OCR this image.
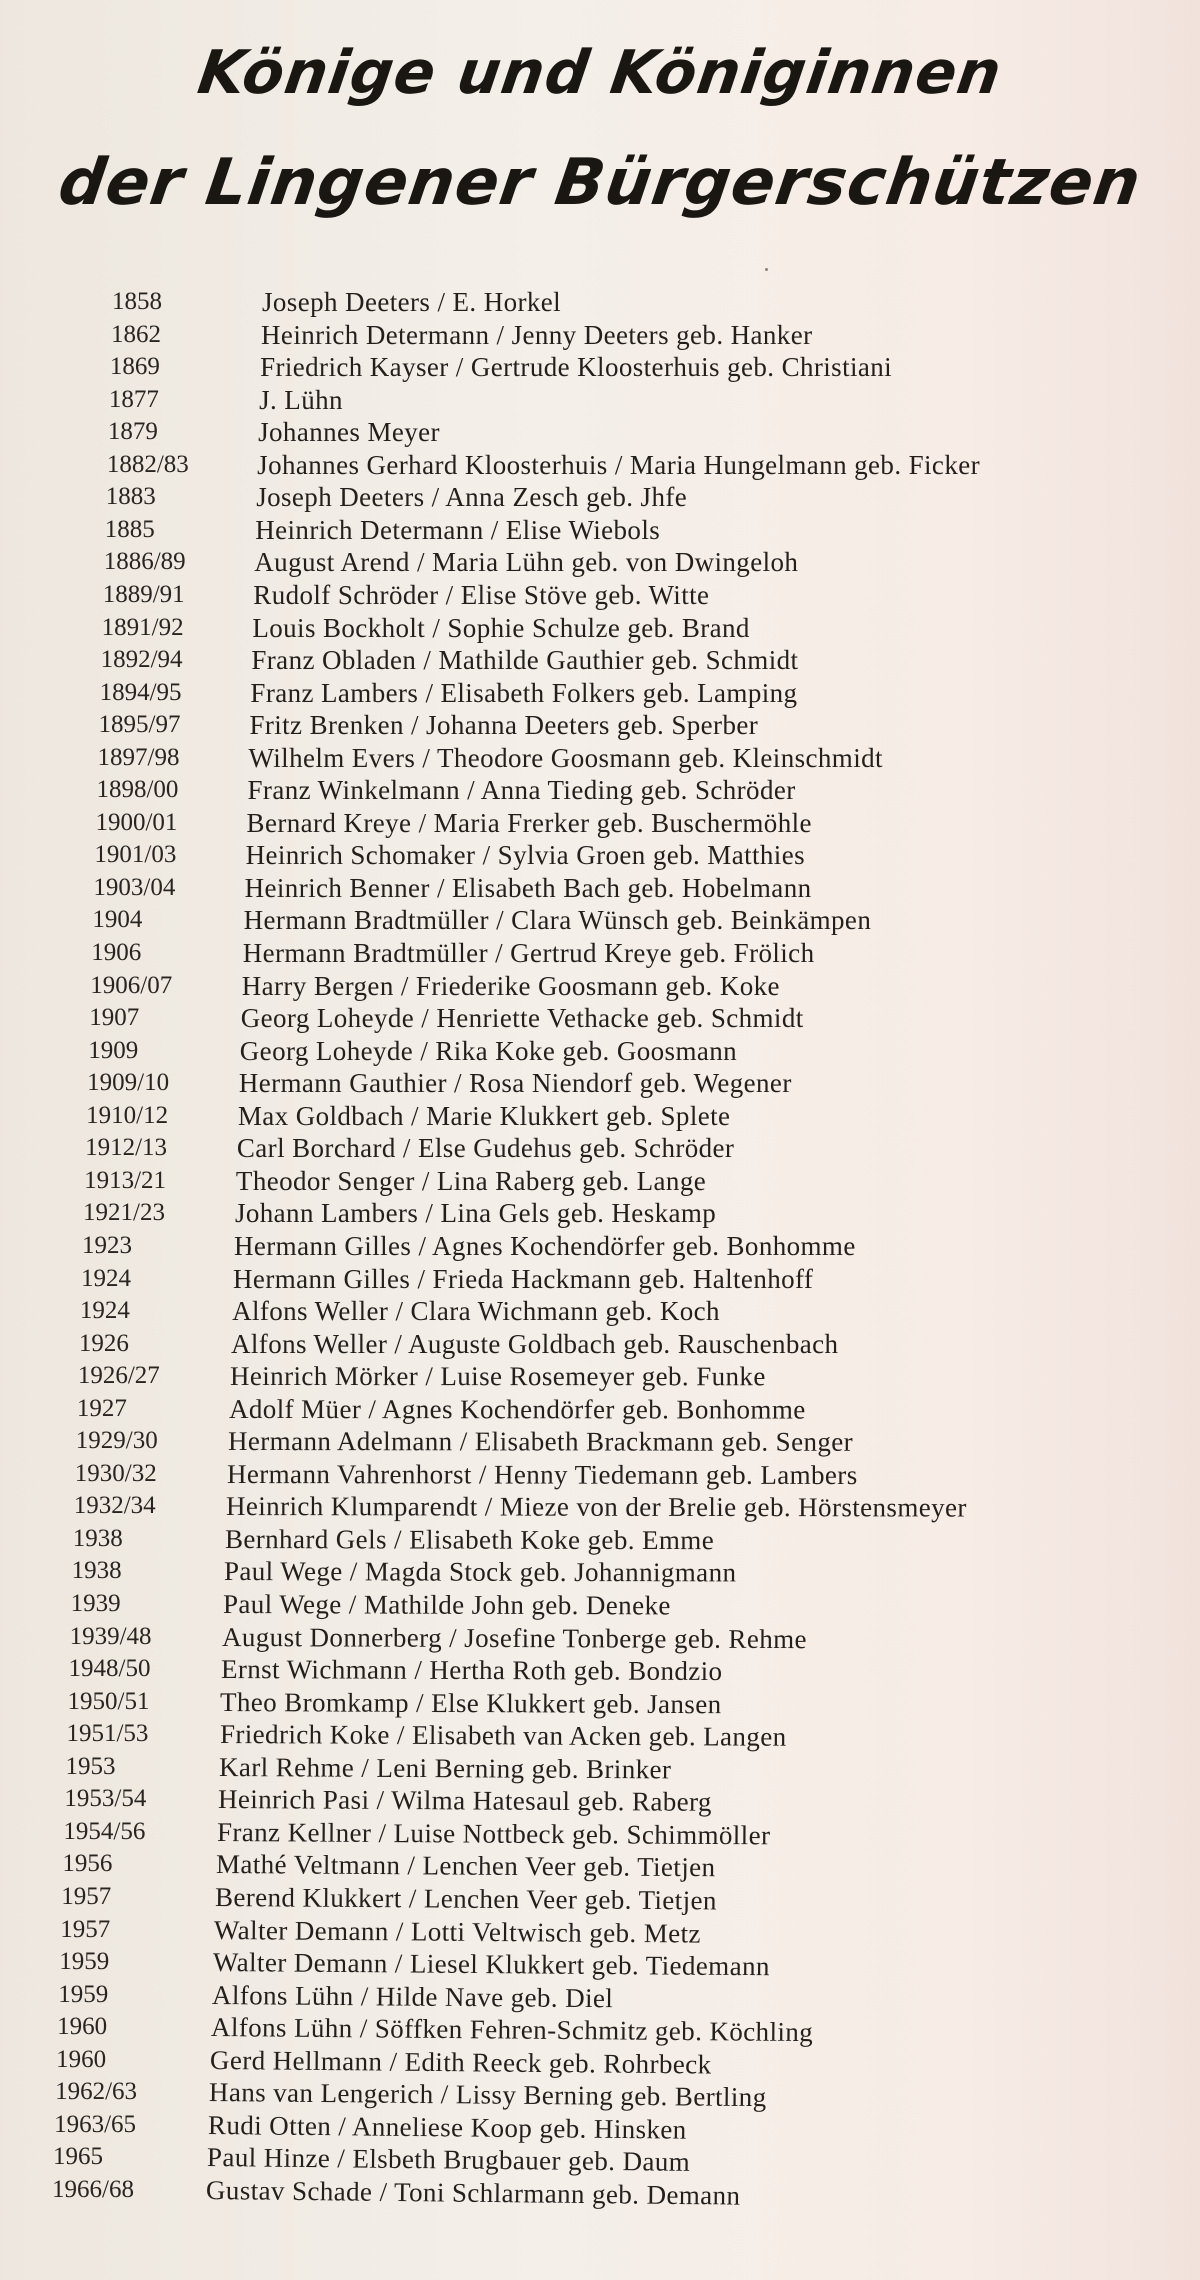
Könige und Königinnen
der Lingener Bürgerschützen
1858	Joseph Deeters / E. Horkel
1862	Heinrich Determann / Jenny Deeters geb. Hanker
1869	Friedrich Kayser / Gertrude Kloosterhuis geb. Christiani
1877	J. Lühn
1879	Johannes Meyer
1882/83	Johannes Gerhard Kloosterhuis / Maria Hungelmann geb. Ficker
1883	Joseph Deeters / Anna Zesch geb. Jhfe
1885	Heinrich Determann / Elise Wiebols
1886/89	August Arend / Maria Lühn geb. von Dwingeloh
1889/91	Rudolf Schröder / Elise Stöve geb. Witte
1891/92	Louis Bockholt / Sophie Schulze geb. Brand
1892/94	Franz Obladen / Mathilde Gauthier geb. Schmidt
1894/95	Franz Lambers / Elisabeth Folkers geb. Lamping
1895/97	Fritz Brenken / Johanna Deeters geb. Sperber
1897/98	Wilhelm Evers / Theodore Goosmann geb. Kleinschmidt
1898/00	Franz Winkelmann / Anna Tieding geb. Schröder
1900/01	Bernard Kreye / Maria Frerker geb. Buschermöhle
1901/03	Heinrich Schomaker / Sylvia Groen geb. Matthies
1903/04	Heinrich Benner / Elisabeth Bach geb. Hobelmann
1904	Hermann Bradtmüller / Clara Wünsch geb. Beinkämpen
1906	Hermann Bradtmüller / Gertrud Kreye geb. Frölich
1906/07	Harry Bergen / Friederike Goosmann geb. Koke
1907	Georg Loheyde / Henriette Vethacke geb. Schmidt
1909	Georg Loheyde / Rika Koke geb. Goosmann
1909/10	Hermann Gauthier / Rosa Niendorf geb. Wegener
1910/12	Max Goldbach / Marie Klukkert geb. Splete
1912/13	Carl Borchard / Else Gudehus geb. Schröder
1913/21	Theodor Senger / Lina Raberg geb. Lange
1921/23	Johann Lambers / Lina Gels geb. Heskamp
1923	Hermann Gilles / Agnes Kochendörfer geb. Bonhomme
1924	Hermann Gilles / Frieda Hackmann geb. Haltenhoff
1924	Alfons Weller / Clara Wichmann geb. Koch
1926	Alfons Weller / Auguste Goldbach geb. Rauschenbach
1926/27	Heinrich Mörker / Luise Rosemeyer geb. Funke
1927	Adolf Müer / Agnes Kochendörfer geb. Bonhomme
1929/30	Hermann Adelmann / Elisabeth Brackmann geb. Senger
1930/32	Hermann Vahrenhorst / Henny Tiedemann geb. Lambers
1932/34	Heinrich Klumparendt / Mieze von der Brelie geb. Hörstensmeyer
1938	Bernhard Gels / Elisabeth Koke geb. Emme
1938	Paul Wege / Magda Stock geb. Johannigmann
1939	Paul Wege / Mathilde John geb. Deneke
1939/48	August Donnerberg / Josefine Tonberge geb. Rehme
1948/50	Ernst Wichmann / Hertha Roth geb. Bondzio
1950/51	Theo Bromkamp / Else Klukkert geb. Jansen
1951/53	Friedrich Koke / Elisabeth van Acken geb. Langen
1953	Karl Rehme / Leni Berning geb. Brinker
1953/54	Heinrich Pasi / Wilma Hatesaul geb. Raberg
1954/56	Franz Kellner / Luise Nottbeck geb. Schimmöller
1956	Mathé Veltmann / Lenchen Veer geb. Tietjen
1957	Berend Klukkert / Lenchen Veer geb. Tietjen
1957	Walter Demann / Lotti Veltwisch geb. Metz
1959	Walter Demann / Liesel Klukkert geb. Tiedemann
1959	Alfons Lühn / Hilde Nave geb. Diel
1960	Alfons Lühn / Söffken Fehren-Schmitz geb. Köchling
1960	Gerd Hellmann / Edith Reeck geb. Rohrbeck
1962/63	Hans van Lengerich / Lissy Berning geb. Bertling
1963/65	Rudi Otten / Anneliese Koop geb. Hinsken
1965	Paul Hinze / Elsbeth Brugbauer geb. Daum
1966/68	Gustav Schade / Toni Schlarmann geb. Demann
